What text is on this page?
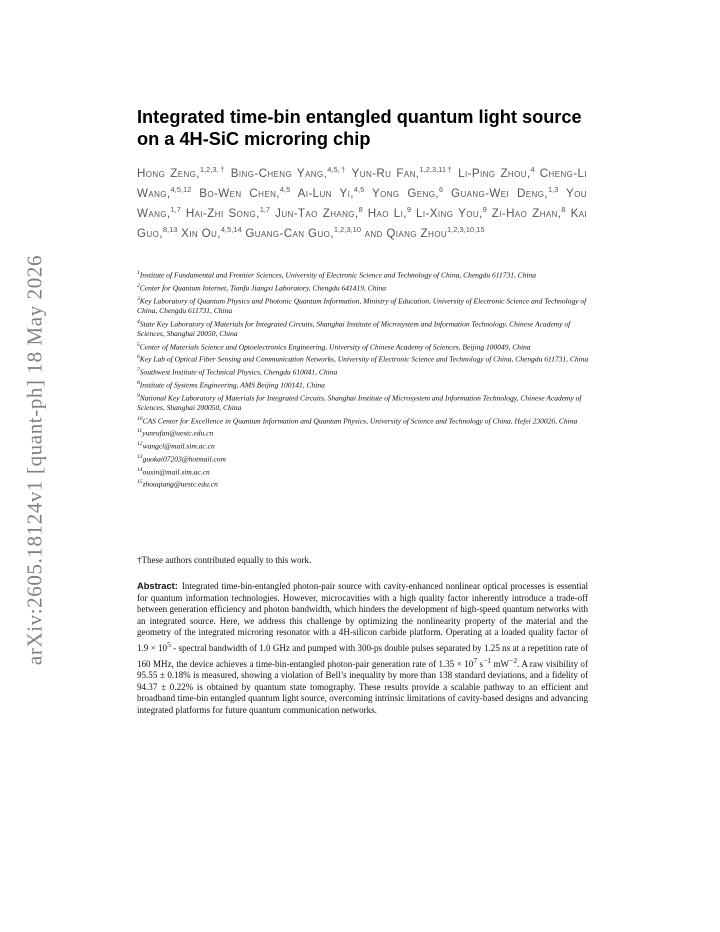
arXiv:2605.18124v1 [quant-ph] 18 May 2026
Integrated time-bin entangled quantum light source on a 4H-SiC microring chip
Hong Zeng,$^{1,2,3,\dagger}$ Bing-Cheng Yang,$^{4,5,\dagger}$ Yun-Ru Fan,$^{1,2,3,11\dagger}$ Li-Ping Zhou,$^4$ Cheng-Li Wang,$^{4,5,12}$ Bo-Wen Chen,$^{4,5}$ Ai-Lun Yi,$^{4,5}$ Yong Geng,$^6$ Guang-Wei Deng,$^{1,3}$ You Wang,$^{1,7}$ Hai-Zhi Song,$^{1,7}$ Jun-Tao Zhang,$^8$ Hao Li,$^9$ Li-Xing You,$^9$ Zi-Hao Zhan,$^8$ Kai Guo,$^{8,13}$ Xin Ou,$^{4,5,14}$ Guang-Can Guo,$^{1,2,3,10}$ and Qiang Zhou$^{1,2,3,10,15}$
$^1$Institute of Fundamental and Frontier Sciences, University of Electronic Science and Technology of China, Chengdu 611731, China
$^2$Center for Quantum Internet, Tianfu Jiangxi Laboratory, Chengdu 641419, China
$^3$Key Laboratory of Quantum Physics and Photonic Quantum Information, Ministry of Education, University of Electronic Science and Technology of China, Chengdu 611731, China
$^4$State Key Laboratory of Materials for Integrated Circuits, Shanghai Institute of Microsystem and Information Technology, Chinese Academy of Sciences, Shanghai 20050, China
$^5$Center of Materials Science and Optoelectronics Engineering, University of Chinese Academy of Sciences, Beijing 100049, China
$^6$Key Lab of Optical Fiber Sensing and Communication Networks, University of Electronic Science and Technology of China, Chengdu 611731, China
$^7$Southwest Institute of Technical Physics, Chengdu 610041, China
$^8$Institute of Systems Engineering, AMS Beijing 100141, China
$^9$National Key Laboratory of Materials for Integrated Circuits, Shanghai Institute of Microsystem and Information Technology, Chinese Academy of Sciences, Shanghai 200050, China
$^{10}$CAS Center for Excellence in Quantum Information and Quantum Physics, University of Science and Technology of China, Hefei 230026, China
$^{11}$yunrufan@uestc.edu.cn
$^{12}$wangcl@mail.sim.ac.cn
$^{13}$guokai07203@hotmail.com
$^{14}$ouxin@mail.sim.ac.cn
$^{15}$zhouqiang@uestc.edu.cn
†These authors contributed equally to this work.
Abstract: Integrated time-bin-entangled photon-pair source with cavity-enhanced nonlinear optical processes is essential for quantum information technologies. However, microcavities with a high quality factor inherently introduce a trade-off between generation efficiency and photon bandwidth, which hinders the development of high-speed quantum networks with an integrated source. Here, we address this challenge by optimizing the nonlinearity property of the material and the geometry of the integrated microring resonator with a 4H-silicon carbide platform. Operating at a loaded quality factor of $1.9 \times 10^5$ - spectral bandwidth of 1.0 GHz and pumped with 300-ps double pulses separated by 1.25 ns at a repetition rate of 160 MHz, the device achieves a time-bin-entangled photon-pair generation rate of $1.35 \times 10^7$ $s^{-1}$ $mW^{-2}$. A raw visibility of 95.55 ± 0.18% is measured, showing a violation of Bell’s inequality by more than 138 standard deviations, and a fidelity of 94.37 ± 0.22% is obtained by quantum state tomography. These results provide a scalable pathway to an efficient and broadband time-bin entangled quantum light source, overcoming intrinsic limitations of cavity-based designs and advancing integrated platforms for future quantum communication networks.
